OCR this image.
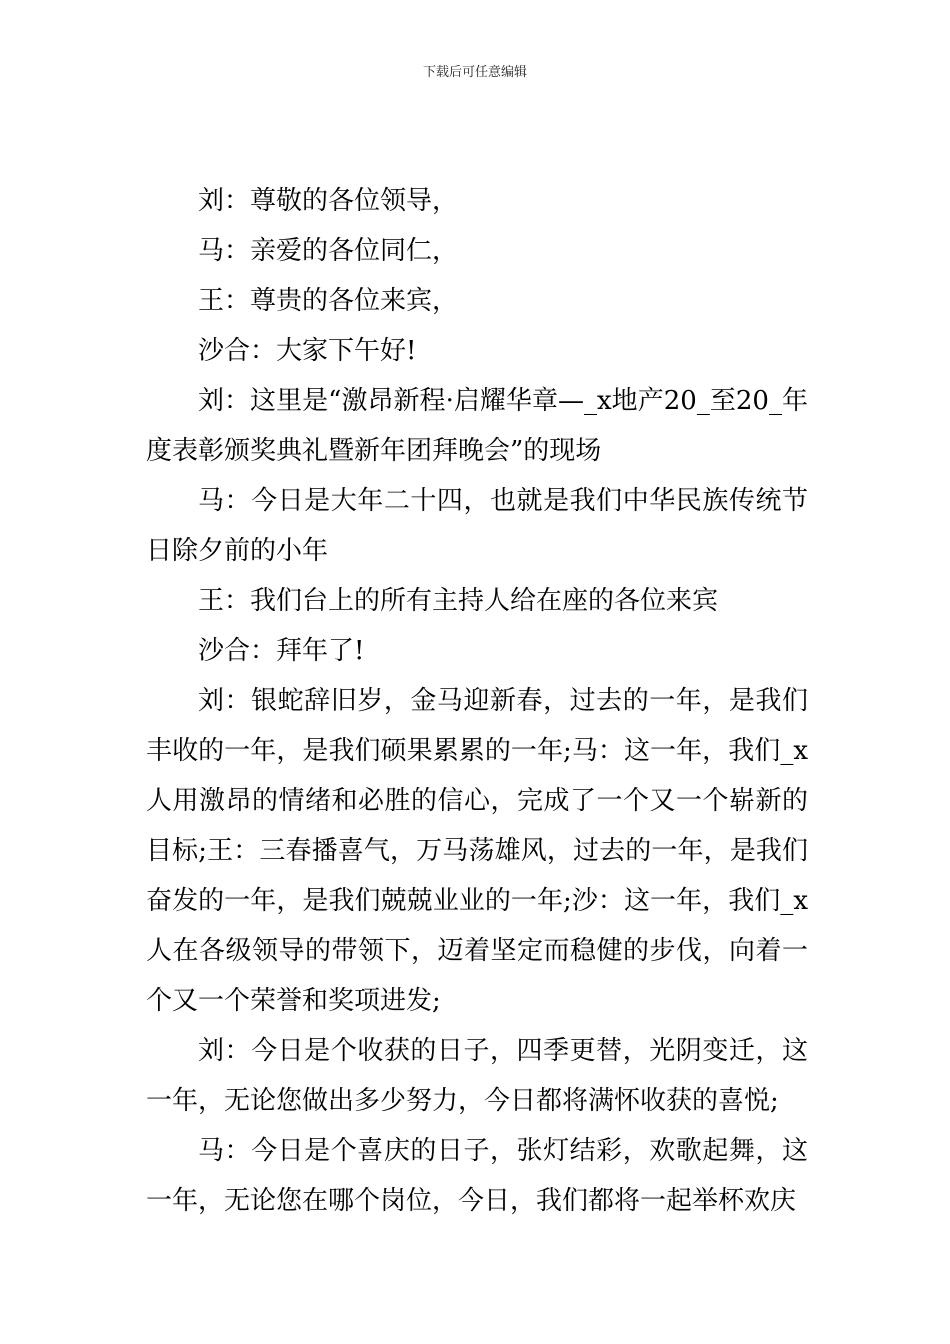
下载后可任意编辑

刘：尊敬的各位领导，

马：亲爱的各位同仁，

王：尊贵的各位来宾，

沙合：大家下午好!

刘：这里是“激昂新程·启耀华章—_x地产20_至20_年度表彰颁奖典礼暨新年团拜晚会”的现场

马：今日是大年二十四，也就是我们中华民族传统节日除夕前的小年

王：我们台上的所有主持人给在座的各位来宾

沙合：拜年了!

刘：银蛇辞旧岁，金马迎新春，过去的一年，是我们丰收的一年，是我们硕果累累的一年;马：这一年，我们_x人用激昂的情绪和必胜的信心，完成了一个又一个崭新的目标;王：三春播喜气，万马荡雄风，过去的一年，是我们奋发的一年，是我们兢兢业业的一年;沙：这一年，我们_x人在各级领导的带领下，迈着坚定而稳健的步伐，向着一个又一个荣誉和奖项进发;

刘：今日是个收获的日子，四季更替，光阴变迁，这一年，无论您做出多少努力，今日都将满怀收获的喜悦;

马：今日是个喜庆的日子，张灯结彩，欢歌起舞，这一年，无论您在哪个岗位，今日，我们都将一起举杯欢庆
